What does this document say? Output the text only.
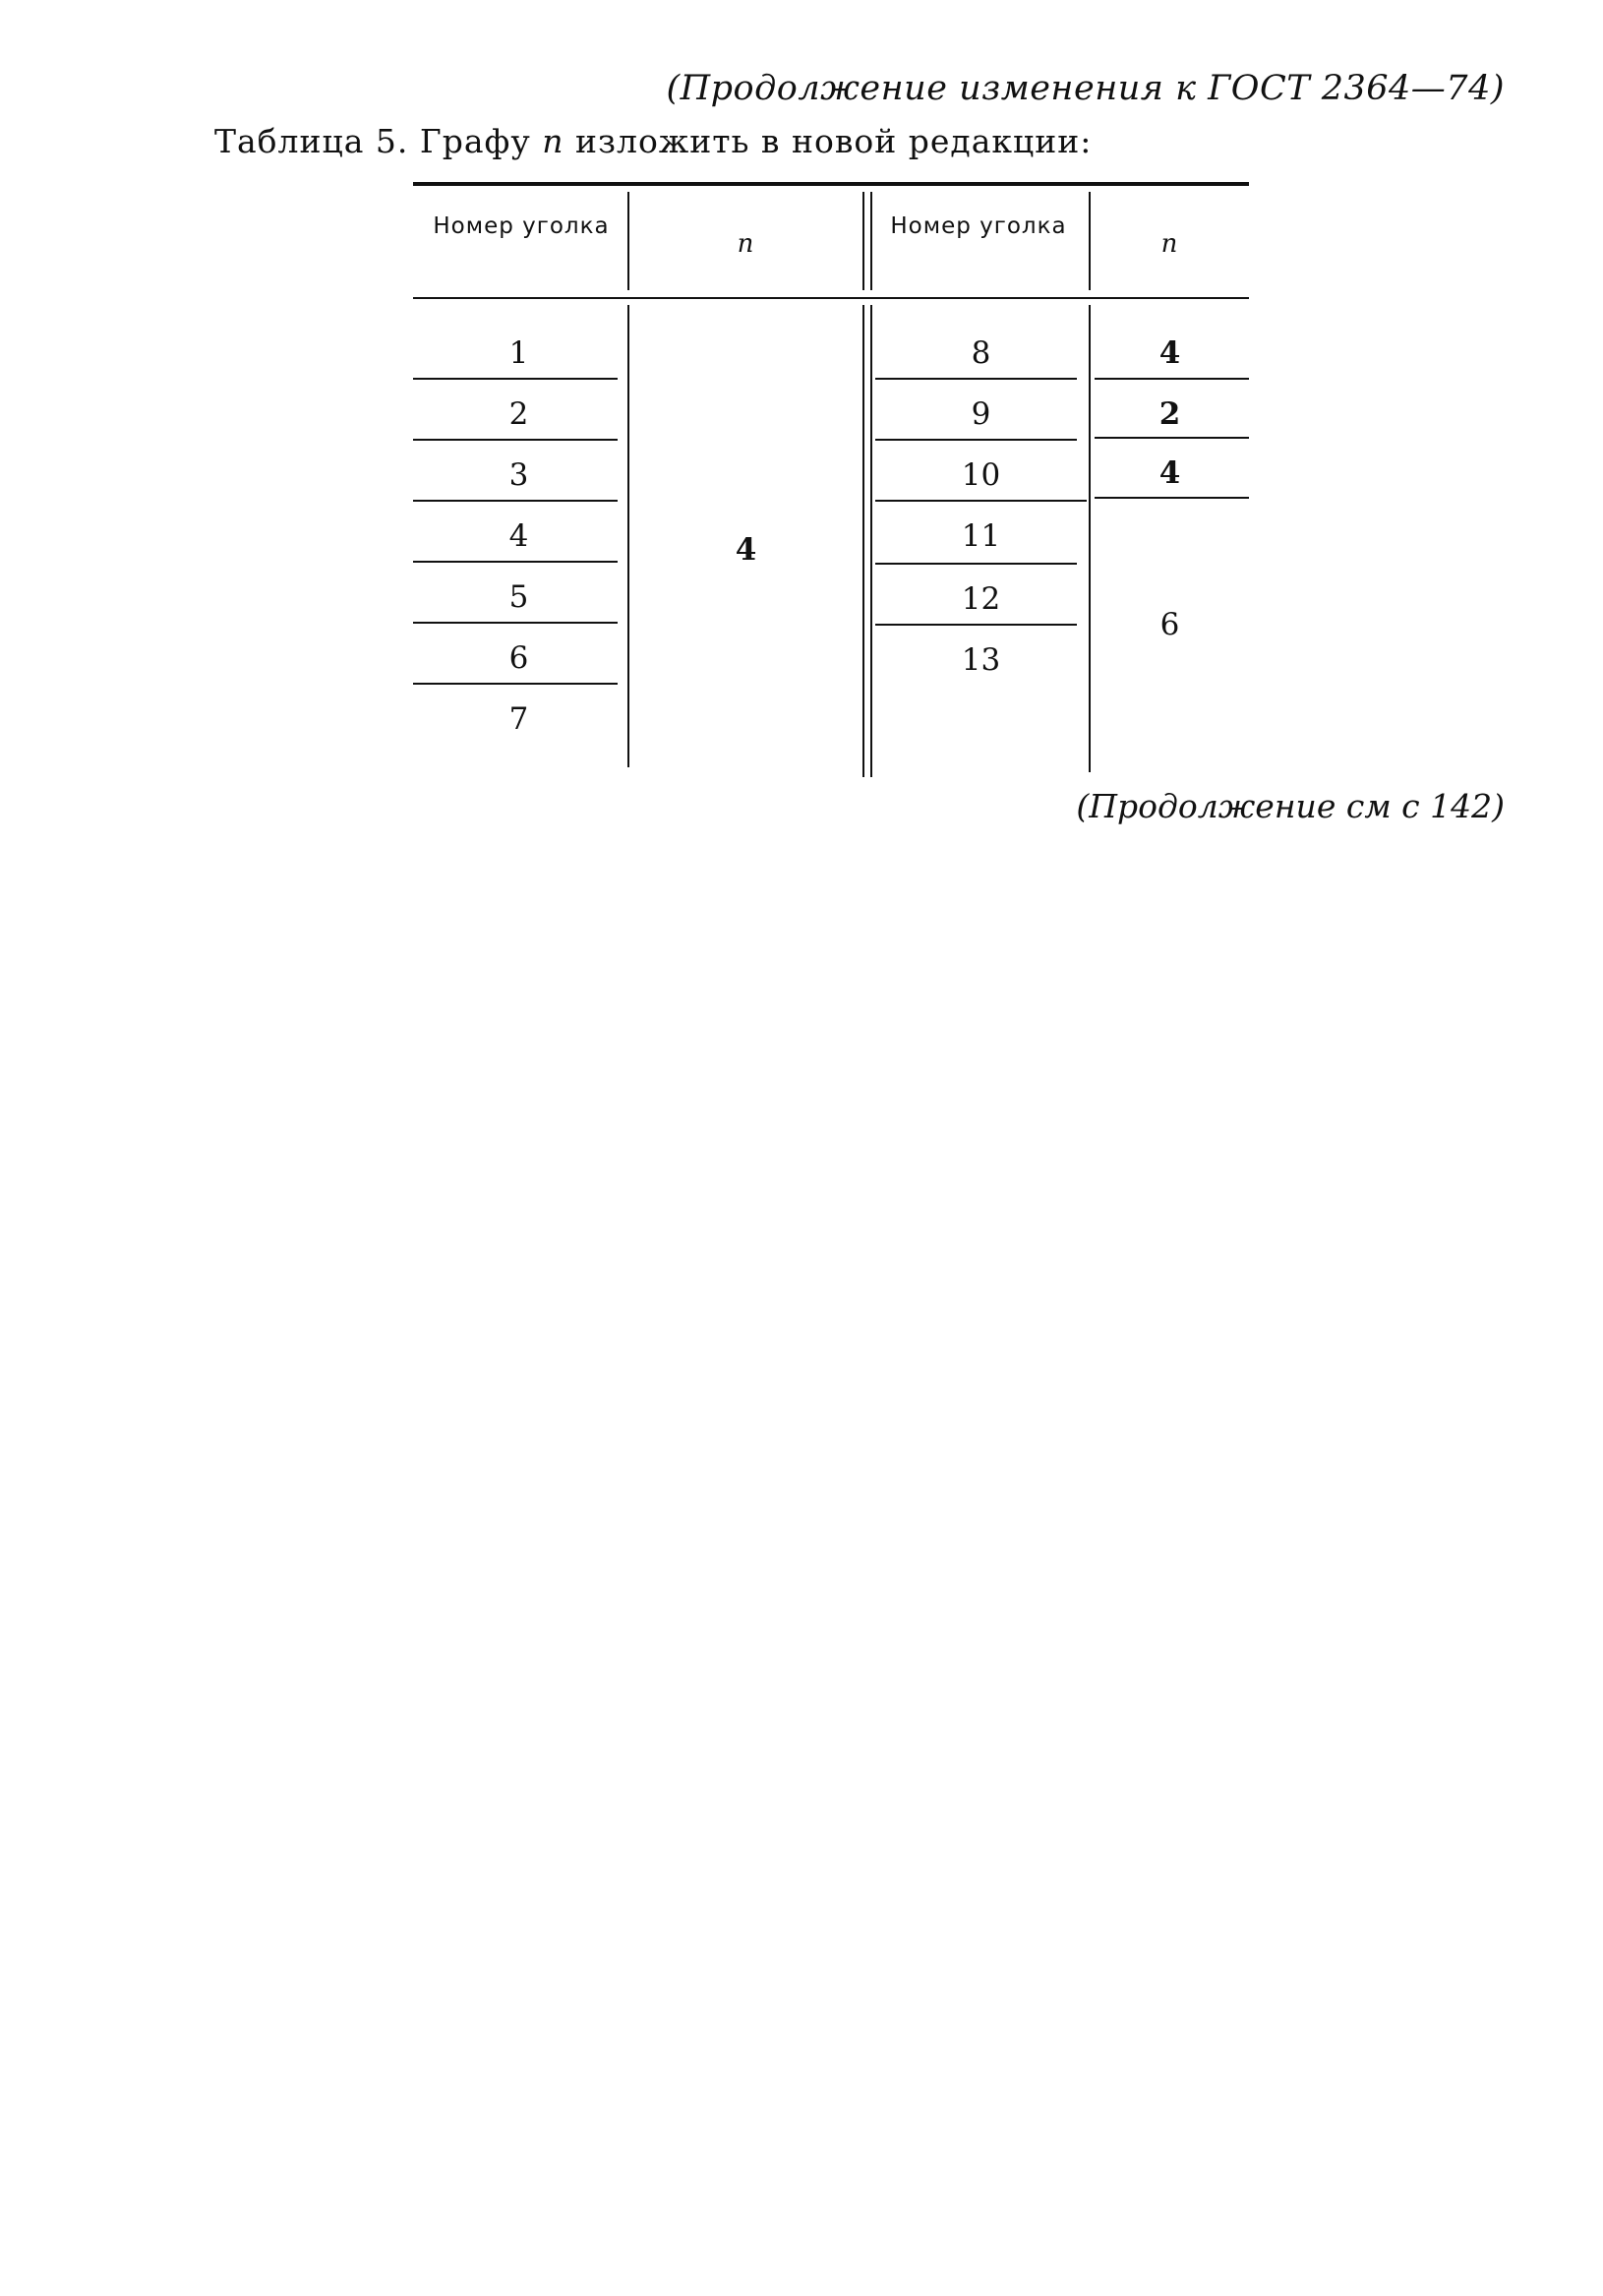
(Продолжение изменения к ГОСТ 2364—74)
Таблица 5. Графу n изложить в новой редакции:
Номер уголка
n
Номер уголка
n
1
2
3
4
5
6
7
4
8
9
10
11
12
13
4
2
4
6
(Продолжение см с 142)
